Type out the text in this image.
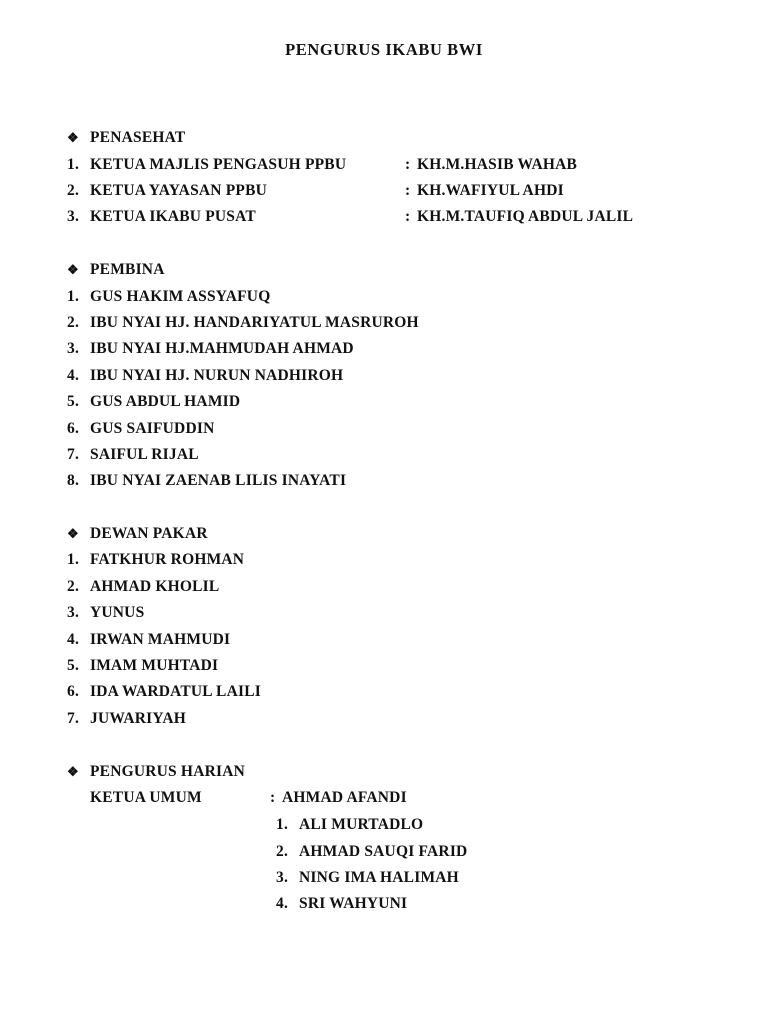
PENGURUS IKABU BWI
❖ PENASEHAT
1. KETUA MAJLIS PENGASUH PPBU	: KH.M.HASIB WAHAB
2. KETUA YAYASAN PPBU	: KH.WAFIYUL AHDI
3. KETUA IKABU PUSAT	: KH.M.TAUFIQ ABDUL JALIL
❖ PEMBINA
1. GUS HAKIM ASSYAFUQ
2. IBU NYAI HJ. HANDARIYATUL MASRUROH
3. IBU NYAI HJ.MAHMUDAH AHMAD
4. IBU NYAI HJ. NURUN NADHIROH
5. GUS ABDUL HAMID
6. GUS SAIFUDDIN
7. SAIFUL RIJAL
8. IBU NYAI ZAENAB LILIS INAYATI
❖ DEWAN PAKAR
1. FATKHUR ROHMAN
2. AHMAD KHOLIL
3. YUNUS
4. IRWAN MAHMUDI
5. IMAM MUHTADI
6. IDA WARDATUL LAILI
7. JUWARIYAH
❖ PENGURUS HARIAN
KETUA UMUM	: AHMAD AFANDI
1. ALI MURTADLO
2. AHMAD SAUQI FARID
3. NING IMA HALIMAH
4. SRI WAHYUNI
